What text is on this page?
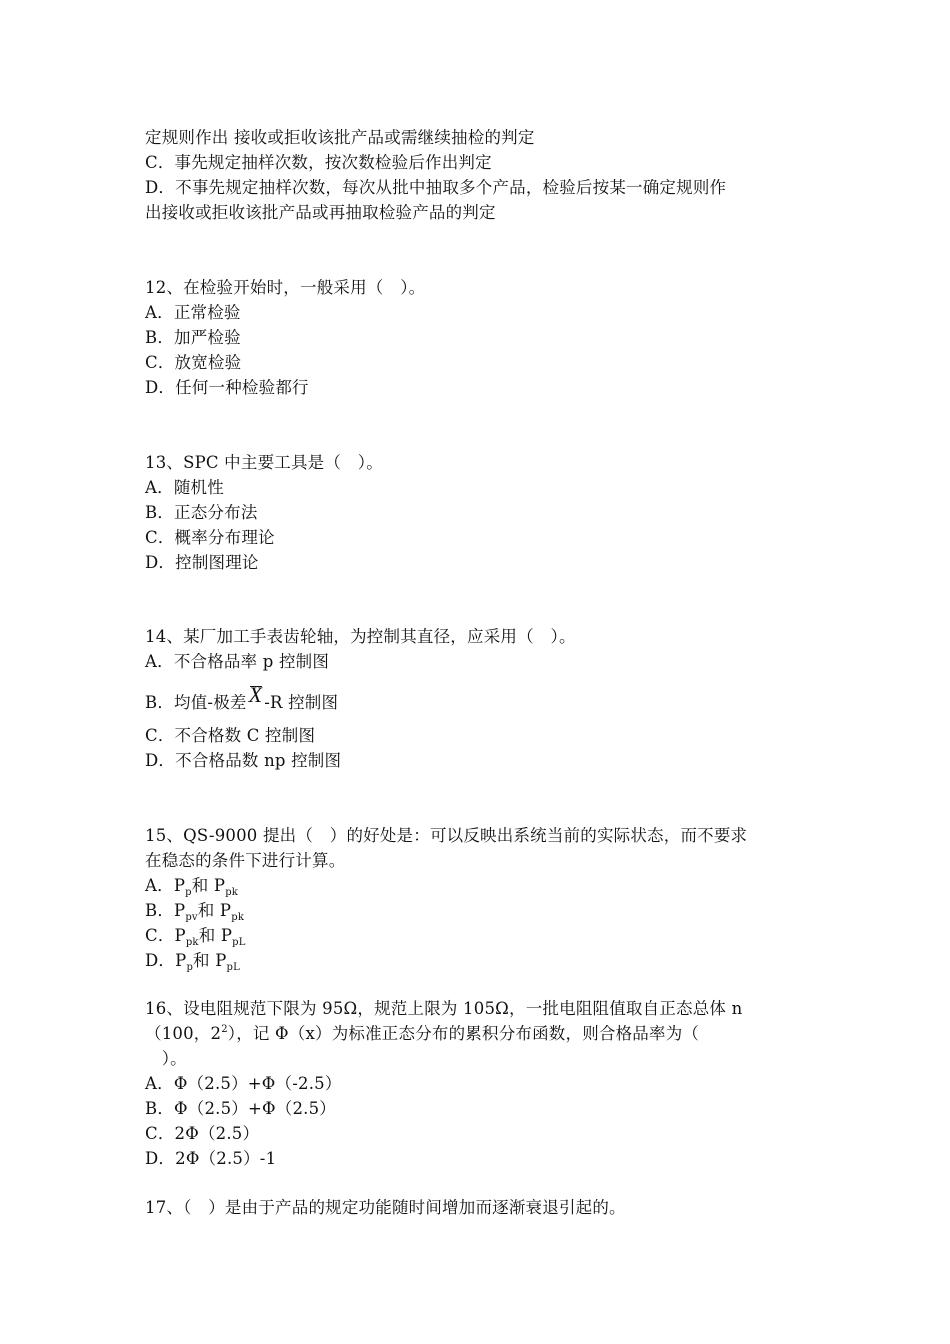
定规则作出 接收或拒收该批产品或需继续抽检的判定
C．事先规定抽样次数，按次数检验后作出判定
D．不事先规定抽样次数，每次从批中抽取多个产品，检验后按某一确定规则作
出接收或拒收该批产品或再抽取检验产品的判定
12、在检验开始时，一般采用（　）。
A．正常检验
B．加严检验
C．放宽检验
D．任何一种检验都行
13、SPC 中主要工具是（　）。
A．随机性
B．正态分布法
C．概率分布理论
D．控制图理论
14、某厂加工手表齿轮轴，为控制其直径，应采用（　）。
A．不合格品率 p 控制图
B．均值-极差X -R 控制图
C．不合格数 C 控制图
D．不合格品数 np 控制图
15、QS-9000 提出（　）的好处是：可以反映出系统当前的实际状态，而不要求
在稳态的条件下进行计算。
A．$P_p$和 $P_{pk}$
B．$P_{pv}$和 $P_{pk}$
C．$P_{pk}$和 $P_{pL}$
D．$P_p$和 $P_{pL}$
16、设电阻规范下限为 95Ω，规范上限为 105Ω，一批电阻阻值取自正态总体 n
（100，$2^2$），记 Φ（x）为标准正态分布的累积分布函数，则合格品率为（
　）。
A．Φ（2.5）+Φ（-2.5）
B．Φ（2.5）+Φ（2.5）
C．2Φ（2.5）
D．2Φ（2.5）-1
17、（　）是由于产品的规定功能随时间增加而逐渐衰退引起的。
